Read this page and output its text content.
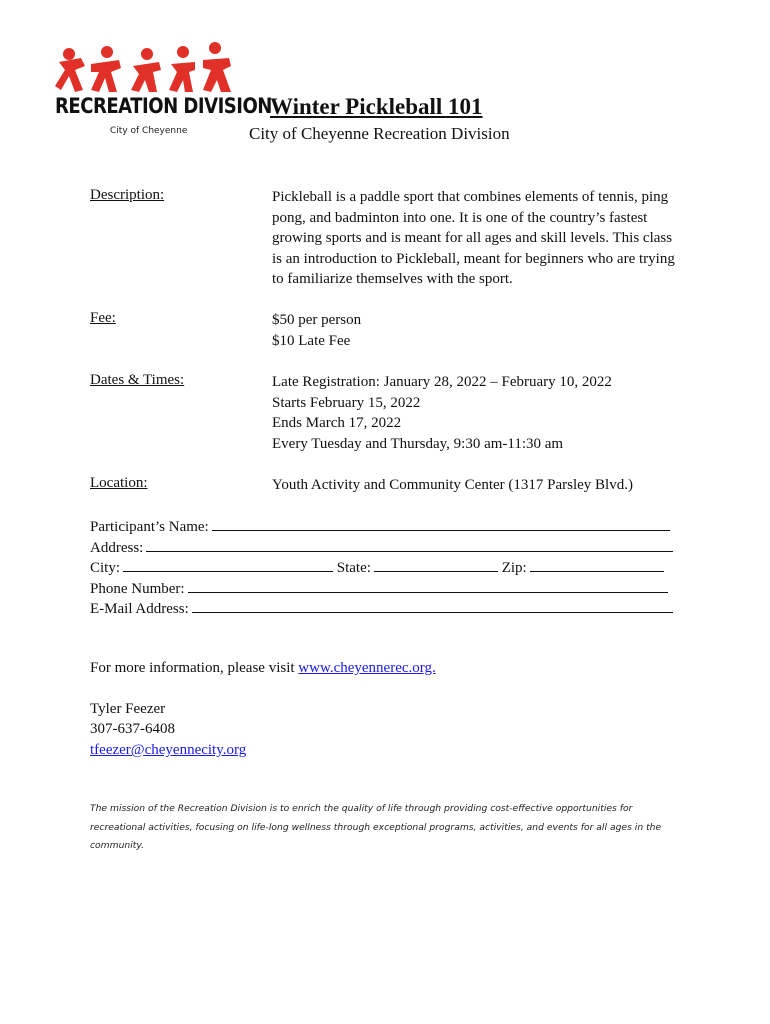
RECREATION DIVISION
City of Cheyenne
Winter Pickleball 101
City of Cheyenne Recreation Division
Description:	Pickleball is a paddle sport that combines elements of tennis, ping
pong, and badminton into one. It is one of the country’s fastest
growing sports and is meant for all ages and skill levels. This class
is an introduction to Pickleball, meant for beginners who are trying
to familiarize themselves with the sport.
Fee:	$50 per person
$10 Late Fee
Dates & Times:	Late Registration: January 28, 2022 – February 10, 2022
Starts February 15, 2022
Ends March 17, 2022
Every Tuesday and Thursday, 9:30 am-11:30 am
Location:	Youth Activity and Community Center (1317 Parsley Blvd.)
Participant’s Name:
Address:
City:	State:	Zip:
Phone Number:
E-Mail Address:
For more information, please visit www.cheyennerec.org.
Tyler Feezer
307-637-6408
tfeezer@cheyennecity.org
The mission of the Recreation Division is to enrich the quality of life through providing cost-effective opportunities for
recreational activities, focusing on life-long wellness through exceptional programs, activities, and events for all ages in the
community.
